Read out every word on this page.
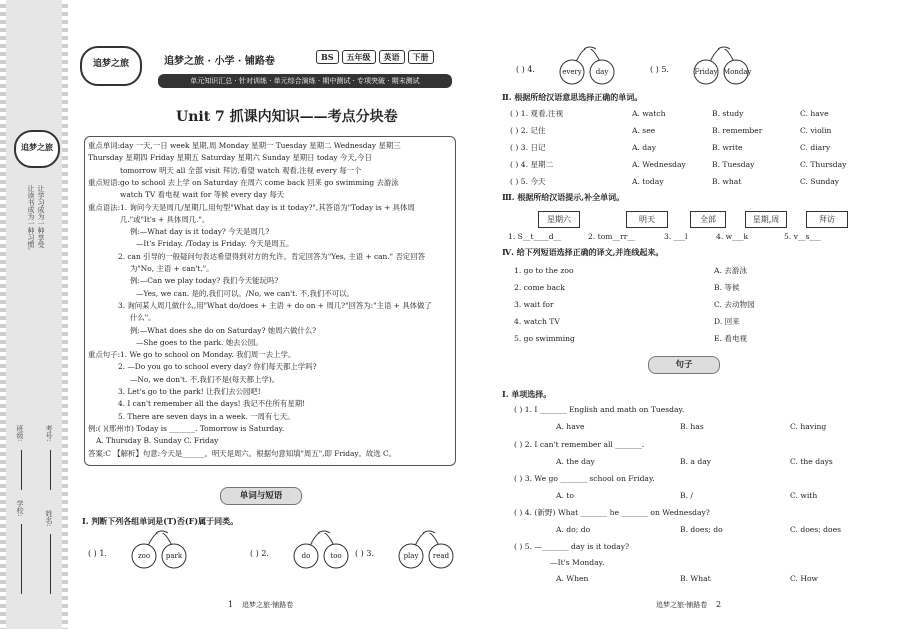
追梦之旅
让读书成为一种习惯, 让学习成为一种享受
学校:
班级:
姓名:
考号:
追梦之旅	追梦之旅 · 小学 · 铺路卷	BS	五年级	英语	下册
单元知识汇总 · 针对训练 · 单元综合演练 · 期中测试 · 专项突破 · 期末测试
Unit 7 抓课内知识——考点分块卷
重点单词:day 一天,一日 week 星期,周 Monday 星期一 Tuesday 星期二 Wednesday 星期三
Thursday 星期四 Friday 星期五 Saturday 星期六 Sunday 星期日 today 今天,今日
tomorrow 明天 all 全部 visit 拜访,看望 watch 观看,注视 every 每一个
重点短语:go to school 去上学 on Saturday 在周六 come back 回来 go swimming 去游泳
watch TV 看电视 wait for 等候 every day 每天
重点语法:1. 询问今天是周几/星期几,用句型"What day is it today?",其答语为"Today is + 具体周
几."或"It's + 具体周几."。
例:—What day is it today? 今天是周几?
—It's Friday. /Today is Friday. 今天是周五。
2. can 引导的一般疑问句表达希望得到对方的允许。肯定回答为"Yes, 主语 + can." 否定回答
为"No, 主语 + can't."。
例:—Can we play today? 我们今天能玩吗?
—Yes, we can. 是的,我们可以。/No, we can't. 不,我们不可以。
3. 询问某人周几做什么,用"What do/does + 主语 + do on + 周几?"回答为:"主语 + 具体做了
什么"。
例:—What does she do on Saturday? 她周六做什么?
—She goes to the park. 她去公园。
重点句子:1. We go to school on Monday. 我们周一去上学。
2. —Do you go to school every day? 你们每天都上学吗?
—No, we don't. 不,我们不是(每天都上学)。
3. Let's go to the park! 让我们去公园吧!
4. I can't remember all the days! 我记不住所有星期!
5. There are seven days in a week. 一周有七天。
例:( )(邢州市) Today is _______. Tomorrow is Saturday.
A. Thursday B. Sunday C. Friday
答案:C 【解析】句意:今天是______。明天是周六。根据句意知填"周五",即 Friday。故选 C。
单词与短语
Ⅰ. 判断下列各组单词是(T)否(F)属于同类。
( ) 1.	zoo	park	( ) 2.	do	too	( ) 3.	play	read
( ) 4.	every	day	( ) 5.	Friday Monday
Ⅱ. 根据所给汉语意思选择正确的单词。
( ) 1. 观看,注视	A. watch	B. study	C. have
( ) 2. 记住	A. see	B. remember	C. violin
( ) 3. 日记	A. day	B. write	C. diary
( ) 4. 星期二	A. Wednesday	B. Tuesday	C. Thursday
( ) 5. 今天	A. today	B. what	C. Sunday
Ⅲ. 根据所给汉语提示,补全单词。
星期六	明天	全部	星期,周	拜访
1. S__t____d__	2. tom__rr__	3. ___l	4. w___k	5. v__s___
Ⅳ. 给下列短语选择正确的译文,并连线起来。
1. go to the zoo	A. 去游泳
2. come back	B. 等候
3. wait for	C. 去动物园
4. watch TV	D. 回来
5. go swimming	E. 看电视
句子
Ⅰ. 单项选择。
( ) 1. I _______ English and math on Tuesday.
A. have	B. has	C. having
( ) 2. I can't remember all _______.
A. the day	B. a day	C. the days
( ) 3. We go _______ school on Friday.
A. to	B. /	C. with
( ) 4. (新野) What _______ he _______ on Wednesday?
A. do; do	B. does; do	C. does; does
( ) 5. —_______ day is it today?
—It's Monday.
A. When	B. What	C. How
1 追梦之旅·铺路卷	追梦之旅·铺路卷 2
